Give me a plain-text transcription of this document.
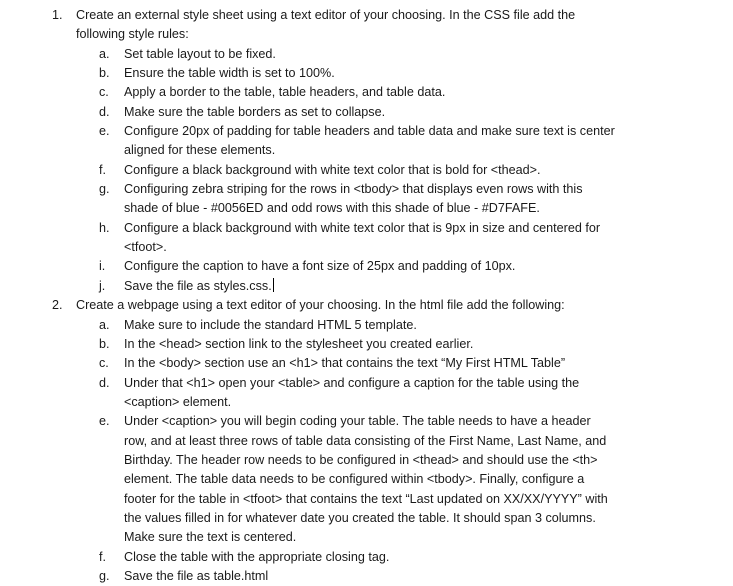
1. Create an external style sheet using a text editor of your choosing. In the CSS file add the
following style rules:
a. Set table layout to be fixed.
b. Ensure the table width is set to 100%.
c. Apply a border to the table, table headers, and table data.
d. Make sure the table borders as set to collapse.
e. Configure 20px of padding for table headers and table data and make sure text is center
aligned for these elements.
f. Configure a black background with white text color that is bold for <thead>.
g. Configuring zebra striping for the rows in <tbody> that displays even rows with this
shade of blue - #0056ED and odd rows with this shade of blue - #D7FAFE.
h. Configure a black background with white text color that is 9px in size and centered for
<tfoot>.
i. Configure the caption to have a font size of 25px and padding of 10px.
j. Save the file as styles.css.
2. Create a webpage using a text editor of your choosing. In the html file add the following:
a. Make sure to include the standard HTML 5 template.
b. In the <head> section link to the stylesheet you created earlier.
c. In the <body> section use an <h1> that contains the text “My First HTML Table”
d. Under that <h1> open your <table> and configure a caption for the table using the
<caption> element.
e. Under <caption> you will begin coding your table. The table needs to have a header
row, and at least three rows of table data consisting of the First Name, Last Name, and
Birthday. The header row needs to be configured in <thead> and should use the <th>
element. The table data needs to be configured within <tbody>. Finally, configure a
footer for the table in <tfoot> that contains the text “Last updated on XX/XX/YYYY” with
the values filled in for whatever date you created the table. It should span 3 columns.
Make sure the text is centered.
f. Close the table with the appropriate closing tag.
g. Save the file as table.html
